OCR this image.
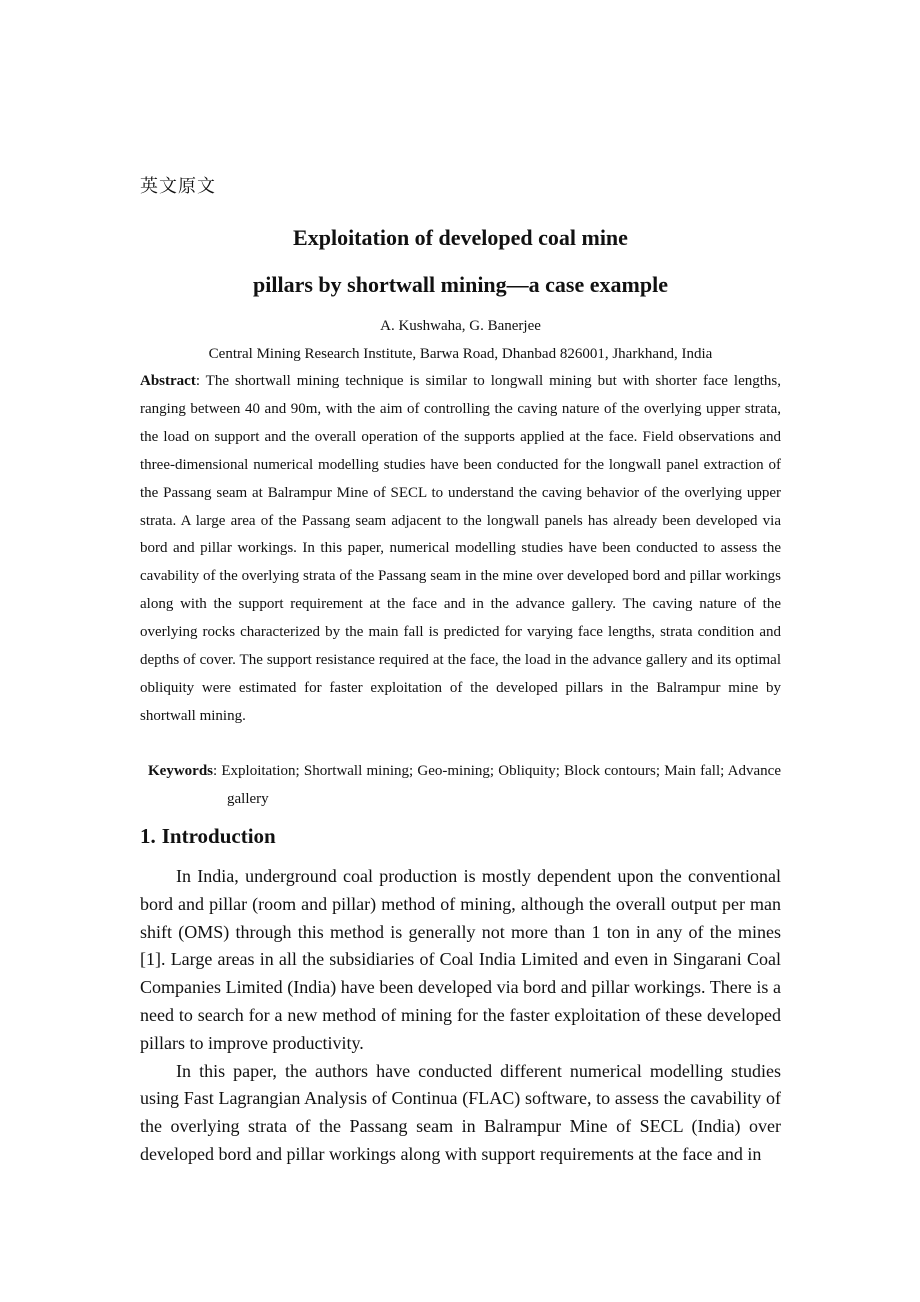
英文原文
Exploitation of developed coal mine
pillars by shortwall mining—a case example
A. Kushwaha, G. Banerjee
Central Mining Research Institute, Barwa Road, Dhanbad 826001, Jharkhand, India

Abstract: The shortwall mining technique is similar to longwall mining but with shorter face lengths, ranging between 40 and 90m, with the aim of controlling the caving nature of the overlying upper strata, the load on support and the overall operation of the supports applied at the face. Field observations and three-dimensional numerical modelling studies have been conducted for the longwall panel extraction of the Passang seam at Balrampur Mine of SECL to understand the caving behavior of the overlying upper strata. A large area of the Passang seam adjacent to the longwall panels has already been developed via bord and pillar workings. In this paper, numerical modelling studies have been conducted to assess the cavability of the overlying strata of the Passang seam in the mine over developed bord and pillar workings along with the support requirement at the face and in the advance gallery. The caving nature of the overlying rocks characterized by the main fall is predicted for varying face lengths, strata condition and depths of cover. The support resistance required at the face, the load in the advance gallery and its optimal obliquity were estimated for faster exploitation of the developed pillars in the Balrampur mine by shortwall mining.

Keywords: Exploitation; Shortwall mining; Geo-mining; Obliquity; Block contours; Main fall; Advance gallery

1. Introduction

In India, underground coal production is mostly dependent upon the conventional bord and pillar (room and pillar) method of mining, although the overall output per man shift (OMS) through this method is generally not more than 1 ton in any of the mines [1]. Large areas in all the subsidiaries of Coal India Limited and even in Singarani Coal Companies Limited (India) have been developed via bord and pillar workings. There is a need to search for a new method of mining for the faster exploitation of these developed pillars to improve productivity.

In this paper, the authors have conducted different numerical modelling studies using Fast Lagrangian Analysis of Continua (FLAC) software, to assess the cavability of the overlying strata of the Passang seam in Balrampur Mine of SECL (India) over developed bord and pillar workings along with support requirements at the face and in
